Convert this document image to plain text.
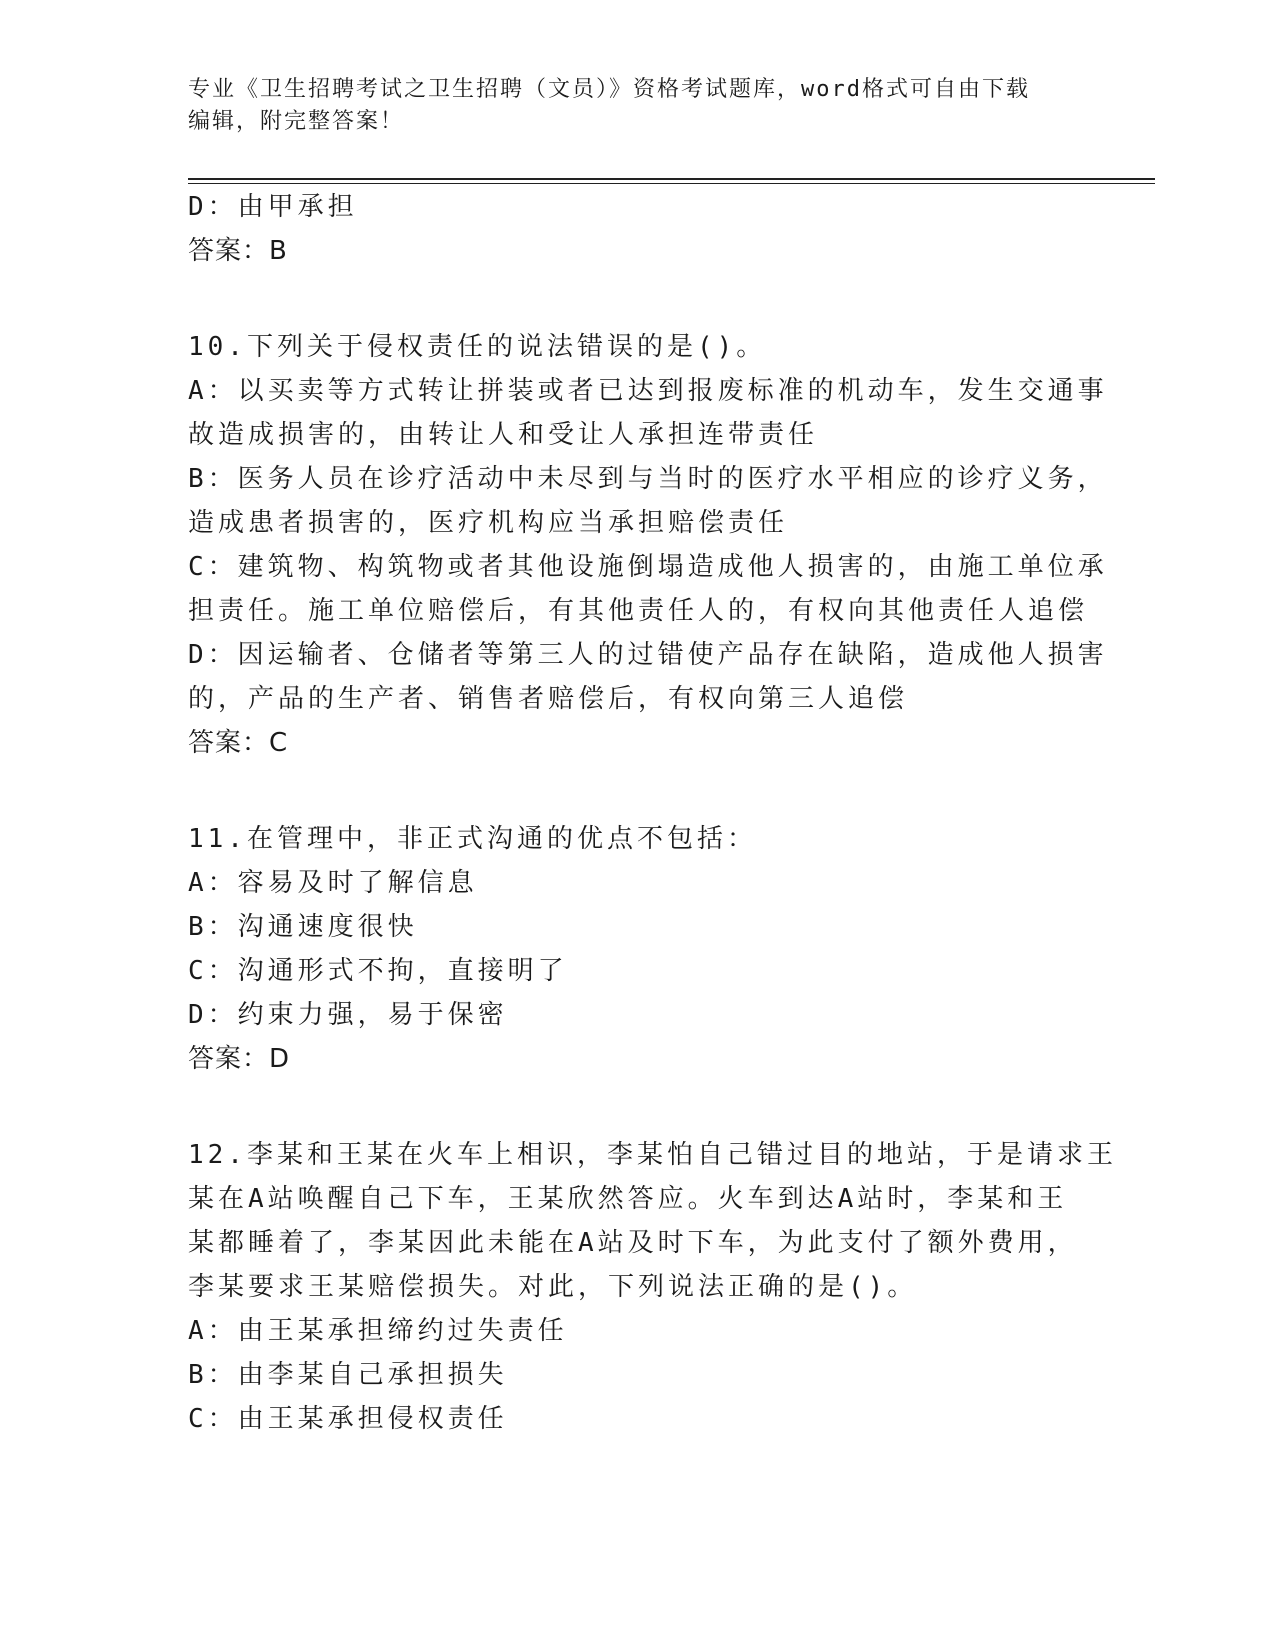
专业《卫生招聘考试之卫生招聘（文员）》资格考试题库，word格式可自由下载
编辑，附完整答案！
D：由甲承担
答案：B
10.下列关于侵权责任的说法错误的是()。
A：以买卖等方式转让拼装或者已达到报废标准的机动车，发生交通事
故造成损害的，由转让人和受让人承担连带责任
B：医务人员在诊疗活动中未尽到与当时的医疗水平相应的诊疗义务，
造成患者损害的，医疗机构应当承担赔偿责任
C：建筑物、构筑物或者其他设施倒塌造成他人损害的，由施工单位承
担责任。施工单位赔偿后，有其他责任人的，有权向其他责任人追偿
D：因运输者、仓储者等第三人的过错使产品存在缺陷，造成他人损害
的，产品的生产者、销售者赔偿后，有权向第三人追偿
答案：C
11.在管理中，非正式沟通的优点不包括：
A：容易及时了解信息
B：沟通速度很快
C：沟通形式不拘，直接明了
D：约束力强，易于保密
答案：D
12.李某和王某在火车上相识，李某怕自己错过目的地站，于是请求王
某在A站唤醒自己下车，王某欣然答应。火车到达A站时，李某和王
某都睡着了，李某因此未能在A站及时下车，为此支付了额外费用，
李某要求王某赔偿损失。对此，下列说法正确的是()。
A：由王某承担缔约过失责任
B：由李某自己承担损失
C：由王某承担侵权责任
